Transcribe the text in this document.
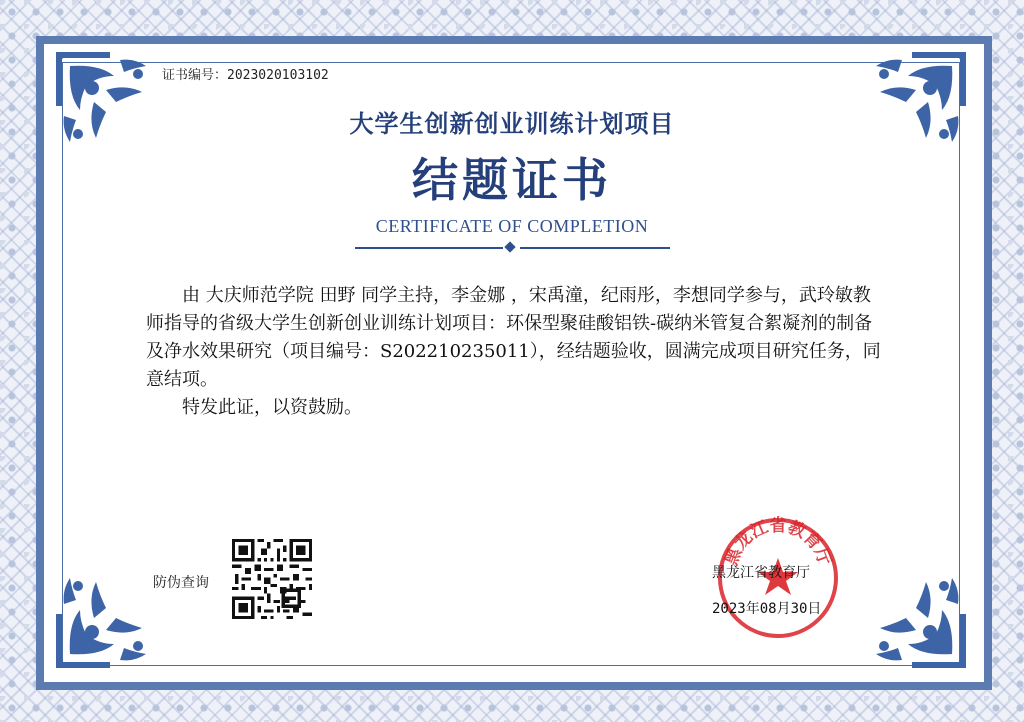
证书编号：2023020103102
大学生创新创业训练计划项目
结题证书
CERTIFICATE OF COMPLETION

由 大庆师范学院 田野 同学主持，李金娜 ，宋禹潼，纪雨彤，李想同学参与，武玲敏教师指导的省级大学生创新创业训练计划项目：环保型聚硅酸铝铁-碳纳米管复合絮凝剂的制备及净水效果研究（项目编号：S202210235011），经结题验收，圆满完成项目研究任务，同意结项。

特发此证，以资鼓励。

防伪查询
黑龙江省教育厅
黑龙江省教育厅
2023年08月30日
